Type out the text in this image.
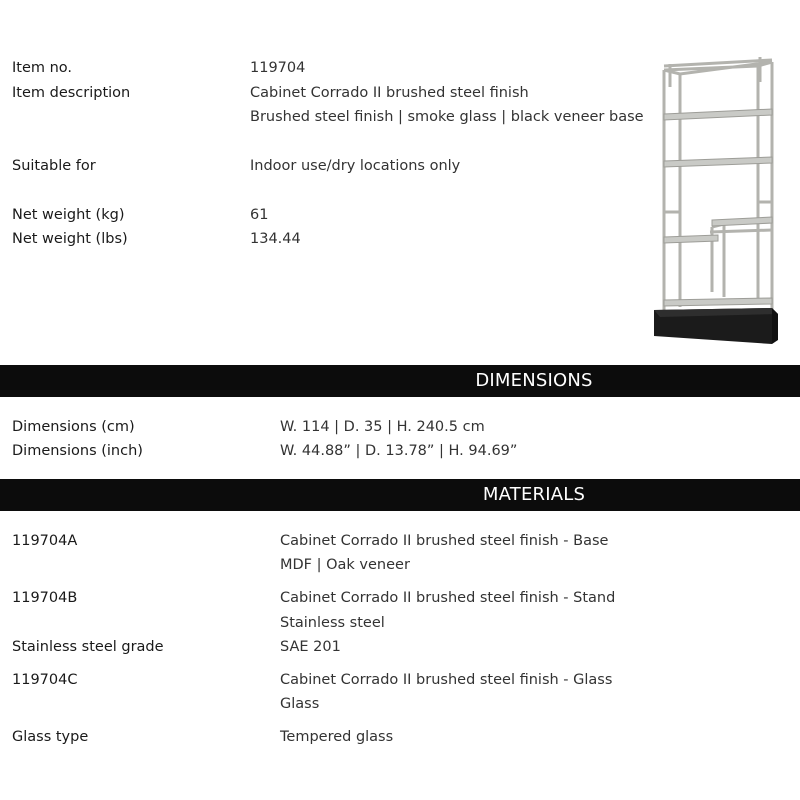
Item no.	119704
Item description	Cabinet Corrado II brushed steel finish
Brushed steel finish | smoke glass | black veneer base
Suitable for	Indoor use/dry locations only
Net weight (kg)	61
Net weight (lbs)	134.44
DIMENSIONS
Dimensions (cm)	W. 114 | D. 35 | H. 240.5 cm
Dimensions (inch)	W. 44.88” | D. 13.78” | H. 94.69”
MATERIALS
119704A	Cabinet Corrado II brushed steel finish - Base
MDF | Oak veneer
119704B	Cabinet Corrado II brushed steel finish - Stand
Stainless steel
Stainless steel grade	SAE 201
119704C	Cabinet Corrado II brushed steel finish - Glass
Glass
Glass type	Tempered glass
